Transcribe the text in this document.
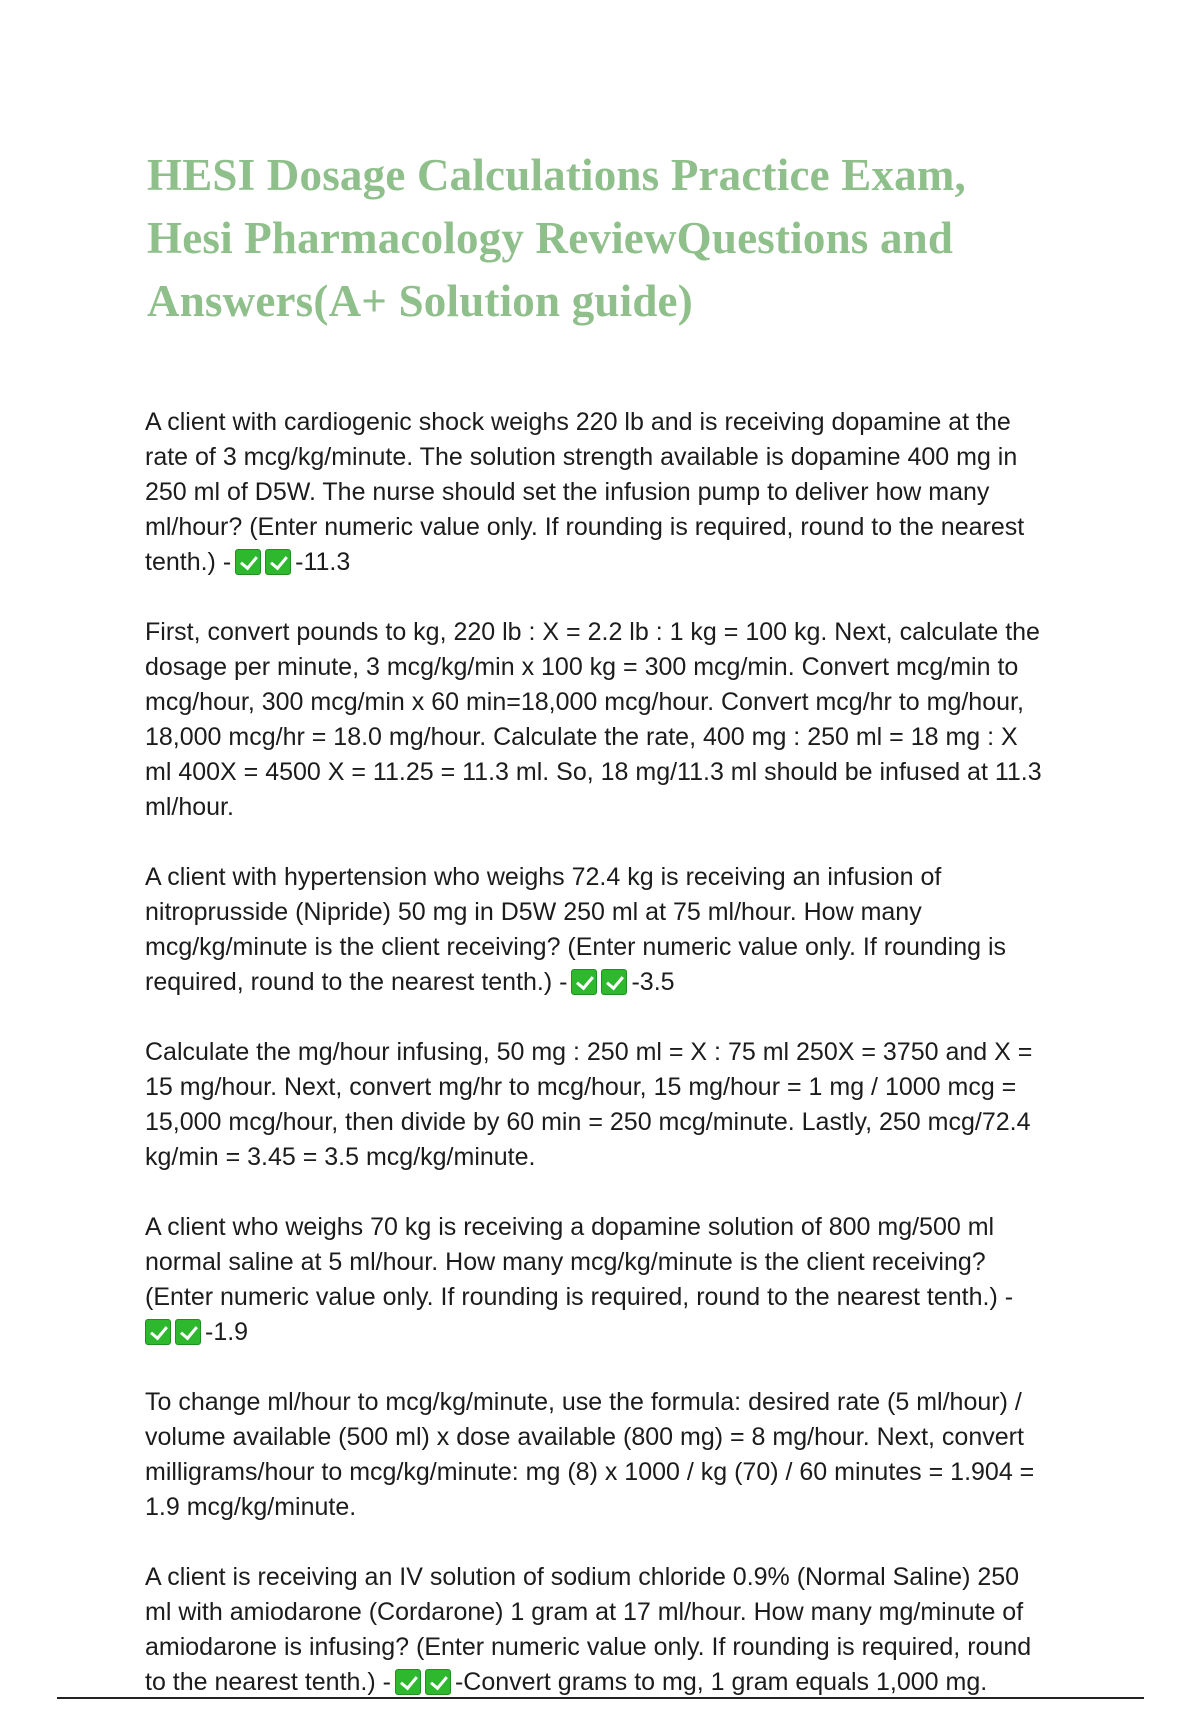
HESI Dosage Calculations Practice Exam,
Hesi Pharmacology ReviewQuestions and
Answers(A+ Solution guide)

A client with cardiogenic shock weighs 220 lb and is receiving dopamine at the
rate of 3 mcg/kg/minute. The solution strength available is dopamine 400 mg in
250 ml of D5W. The nurse should set the infusion pump to deliver how many
ml/hour? (Enter numeric value only. If rounding is required, round to the nearest
tenth.) -	-11.3

First, convert pounds to kg, 220 lb : X = 2.2 lb : 1 kg = 100 kg. Next, calculate the
dosage per minute, 3 mcg/kg/min x 100 kg = 300 mcg/min. Convert mcg/min to
mcg/hour, 300 mcg/min x 60 min=18,000 mcg/hour. Convert mcg/hr to mg/hour,
18,000 mcg/hr = 18.0 mg/hour. Calculate the rate, 400 mg : 250 ml = 18 mg : X
ml 400X = 4500 X = 11.25 = 11.3 ml. So, 18 mg/11.3 ml should be infused at 11.3
ml/hour.

A client with hypertension who weighs 72.4 kg is receiving an infusion of
nitroprusside (Nipride) 50 mg in D5W 250 ml at 75 ml/hour. How many
mcg/kg/minute is the client receiving? (Enter numeric value only. If rounding is
required, round to the nearest tenth.) -	-3.5

Calculate the mg/hour infusing, 50 mg : 250 ml = X : 75 ml 250X = 3750 and X =
15 mg/hour. Next, convert mg/hr to mcg/hour, 15 mg/hour = 1 mg / 1000 mcg =
15,000 mcg/hour, then divide by 60 min = 250 mcg/minute. Lastly, 250 mcg/72.4
kg/min = 3.45 = 3.5 mcg/kg/minute.

A client who weighs 70 kg is receiving a dopamine solution of 800 mg/500 ml
normal saline at 5 ml/hour. How many mcg/kg/minute is the client receiving?
(Enter numeric value only. If rounding is required, round to the nearest tenth.) -
-1.9

To change ml/hour to mcg/kg/minute, use the formula: desired rate (5 ml/hour) /
volume available (500 ml) x dose available (800 mg) = 8 mg/hour. Next, convert
milligrams/hour to mcg/kg/minute: mg (8) x 1000 / kg (70) / 60 minutes = 1.904 =
1.9 mcg/kg/minute.

A client is receiving an IV solution of sodium chloride 0.9% (Normal Saline) 250
ml with amiodarone (Cordarone) 1 gram at 17 ml/hour. How many mg/minute of
amiodarone is infusing? (Enter numeric value only. If rounding is required, round
to the nearest tenth.) -	-Convert grams to mg, 1 gram equals 1,000 mg.
